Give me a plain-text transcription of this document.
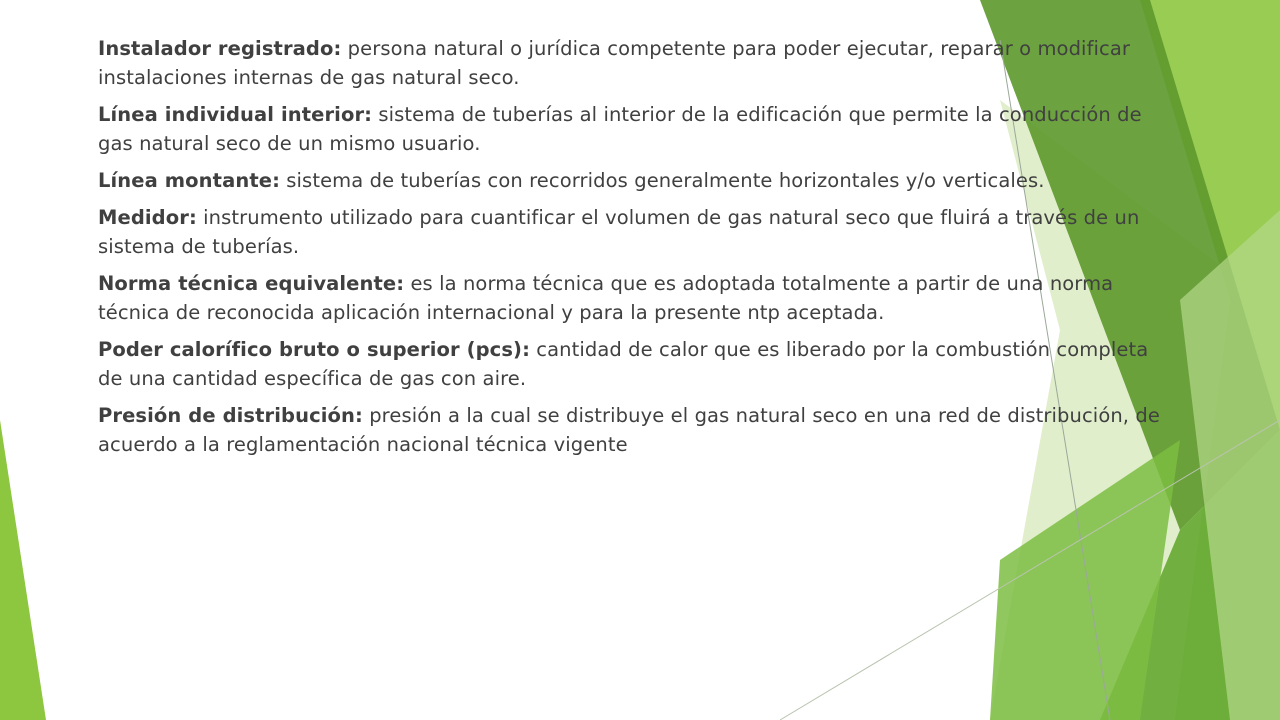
Instalador registrado: persona natural o jurídica competente para poder ejecutar, reparar o modificar instalaciones internas de gas natural seco.

Línea individual interior: sistema de tuberías al interior de la edificación que permite la conducción de gas natural seco de un mismo usuario.

Línea montante: sistema de tuberías con recorridos generalmente horizontales y/o verticales.

Medidor: instrumento utilizado para cuantificar el volumen de gas natural seco que fluirá a través de un sistema de tuberías.

Norma técnica equivalente: es la norma técnica que es adoptada totalmente a partir de una norma técnica de reconocida aplicación internacional y para la presente ntp aceptada.

Poder calorífico bruto o superior (pcs): cantidad de calor que es liberado por la combustión completa de una cantidad específica de gas con aire.

Presión de distribución: presión a la cual se distribuye el gas natural seco en una red de distribución, de acuerdo a la reglamentación nacional técnica vigente
